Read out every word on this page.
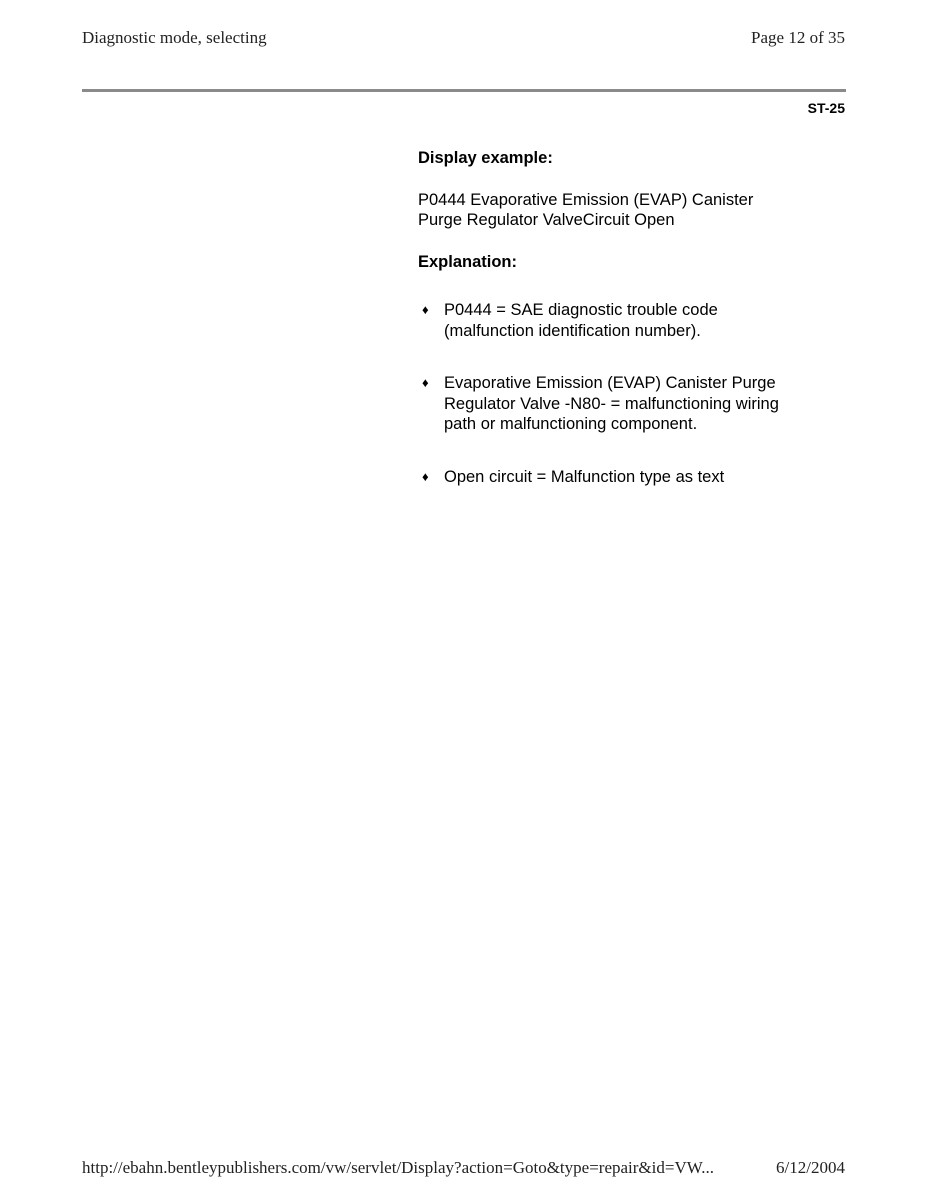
Diagnostic mode, selecting	Page 12 of 35
ST-25

Display example:

P0444 Evaporative Emission (EVAP) Canister
Purge Regulator ValveCircuit Open

Explanation:

♦ P0444 = SAE diagnostic trouble code
(malfunction identification number).
♦ Evaporative Emission (EVAP) Canister Purge
Regulator Valve -N80- = malfunctioning wiring
path or malfunctioning component.
♦ Open circuit = Malfunction type as text
http://ebahn.bentleypublishers.com/vw/servlet/Display?action=Goto&type=repair&id=VW...	6/12/2004
